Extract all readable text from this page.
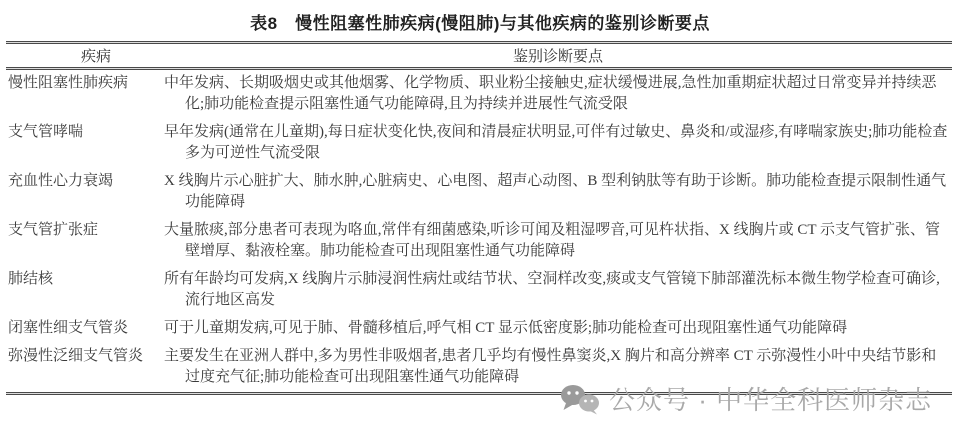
表8　慢性阻塞性肺疾病(慢阻肺)与其他疾病的鉴别诊断要点
疾病	鉴别诊断要点
慢性阻塞性肺疾病	中年发病、长期吸烟史或其他烟雾、化学物质、职业粉尘接触史,症状缓慢进展,急性加重期症状超过日常变异并持续恶化;肺功能检查提示阻塞性通气功能障碍,且为持续并进展性气流受限
支气管哮喘	早年发病(通常在儿童期),每日症状变化快,夜间和清晨症状明显,可伴有过敏史、鼻炎和/或湿疹,有哮喘家族史;肺功能检查多为可逆性气流受限
充血性心力衰竭	X 线胸片示心脏扩大、肺水肿,心脏病史、心电图、超声心动图、B 型利钠肽等有助于诊断。肺功能检查提示限制性通气功能障碍
支气管扩张症	大量脓痰,部分患者可表现为咯血,常伴有细菌感染,听诊可闻及粗湿啰音,可见杵状指、X 线胸片或 CT 示支气管扩张、管壁增厚、黏液栓塞。肺功能检查可出现阻塞性通气功能障碍
肺结核	所有年龄均可发病,X 线胸片示肺浸润性病灶或结节状、空洞样改变,痰或支气管镜下肺部灌洗标本微生物学检查可确诊,流行地区高发
闭塞性细支气管炎	可于儿童期发病,可见于肺、骨髓移植后,呼气相 CT 显示低密度影;肺功能检查可出现阻塞性通气功能障碍
弥漫性泛细支气管炎	主要发生在亚洲人群中,多为男性非吸烟者,患者几乎均有慢性鼻窦炎,X 胸片和高分辨率 CT 示弥漫性小叶中央结节影和过度充气征;肺功能检查可出现阻塞性通气功能障碍
公众号 · 中华全科医师杂志
